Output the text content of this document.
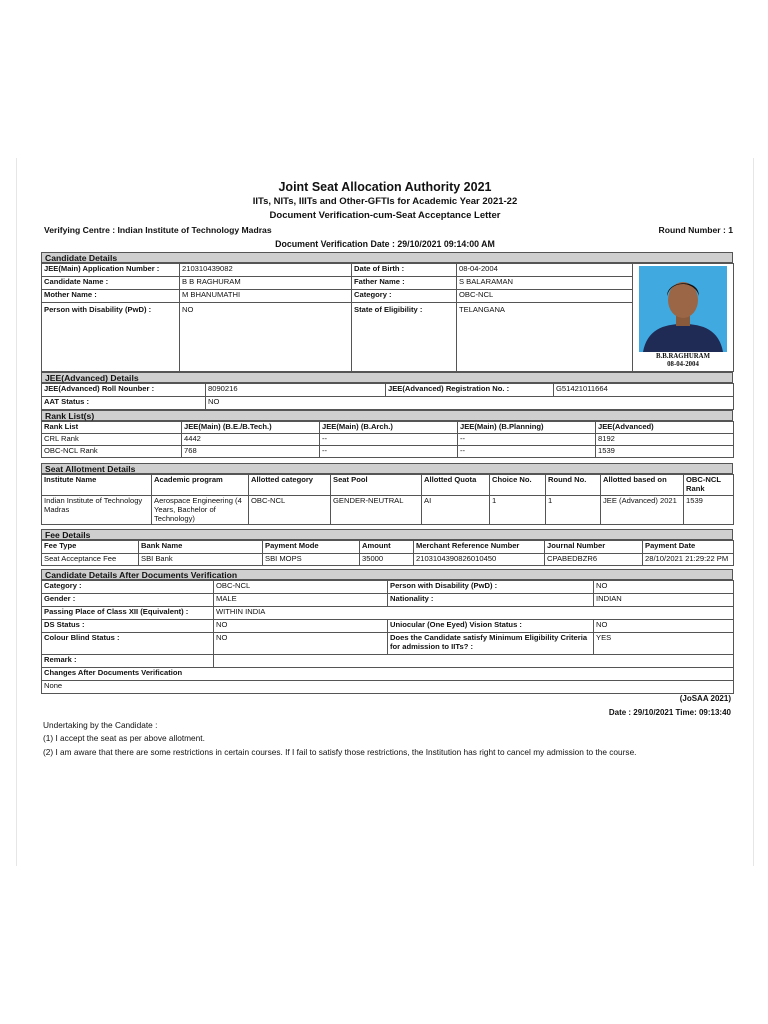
Joint Seat Allocation Authority 2021
IITs, NITs, IIITs and Other-GFTIs for Academic Year 2021-22
Document Verification-cum-Seat Acceptance Letter
Verifying Centre : Indian Institute of Technology Madras	Round Number : 1
Document Verification Date : 29/10/2021 09:14:00 AM
Candidate Details
JEE(Main) Application Number :	210310439082	Date of Birth :	08-04-2004	B.B.RAGHURAM
08-04-2004

Candidate Name :	B B RAGHURAM	Father Name :	S BALARAMAN	
Mother Name :	M BHANUMATHI	Category :	OBC-NCL	
Person with Disability (PwD) :	NO	State of Eligibility :	TELANGANA	
JEE(Advanced) Details
JEE(Advanced) Roll Nounber :	8090216	JEE(Advanced) Registration No. :	G51421011664
AAT Status :	NO		
Rank List(s)
Rank List	JEE(Main) (B.E./B.Tech.)	JEE(Main) (B.Arch.)	JEE(Main) (B.Planning)	JEE(Advanced)
CRL Rank	4442	--	--	8192
OBC-NCL Rank	768	--	--	1539
Seat Allotment Details
Institute Name	Academic program	Allotted category	Seat Pool	Allotted Quota	Choice No.	Round No.	Allotted based on	OBC-NCL Rank
Indian Institute of Technology Madras	Aerospace Engineering (4 Years, Bachelor of Technology)	OBC-NCL	GENDER-NEUTRAL	AI	1	1	JEE (Advanced) 2021	1539
Fee Details
Fee Type	Bank Name	Payment Mode	Amount	Merchant Reference Number	Journal Number	Payment Date
Seat Acceptance Fee	SBI Bank	SBI MOPS	35000	2103104390826010450	CPABEDBZR6	28/10/2021 21:29:22 PM
Candidate Details After Documents Verification
Category :	OBC-NCL	Person with Disability (PwD) :	NO
Gender :	MALE	Nationality :	INDIAN
Passing Place of Class XII (Equivalent) :	WITHIN INDIA		
DS Status :	NO	Uniocular (One Eyed) Vision Status :	NO
Colour Blind Status :	NO	Does the Candidate satisfy Minimum Eligibility Criteria for admission to IITs? :	YES
Remark :			
Changes After Documents Verification			
None			
(JoSAA 2021)
Date : 29/10/2021 Time: 09:13:40
Undertaking by the Candidate :
(1) I accept the seat as per above allotment.
(2) I am aware that there are some restrictions in certain courses. If I fail to satisfy those restrictions, the Institution has right to cancel my admission to the course.
